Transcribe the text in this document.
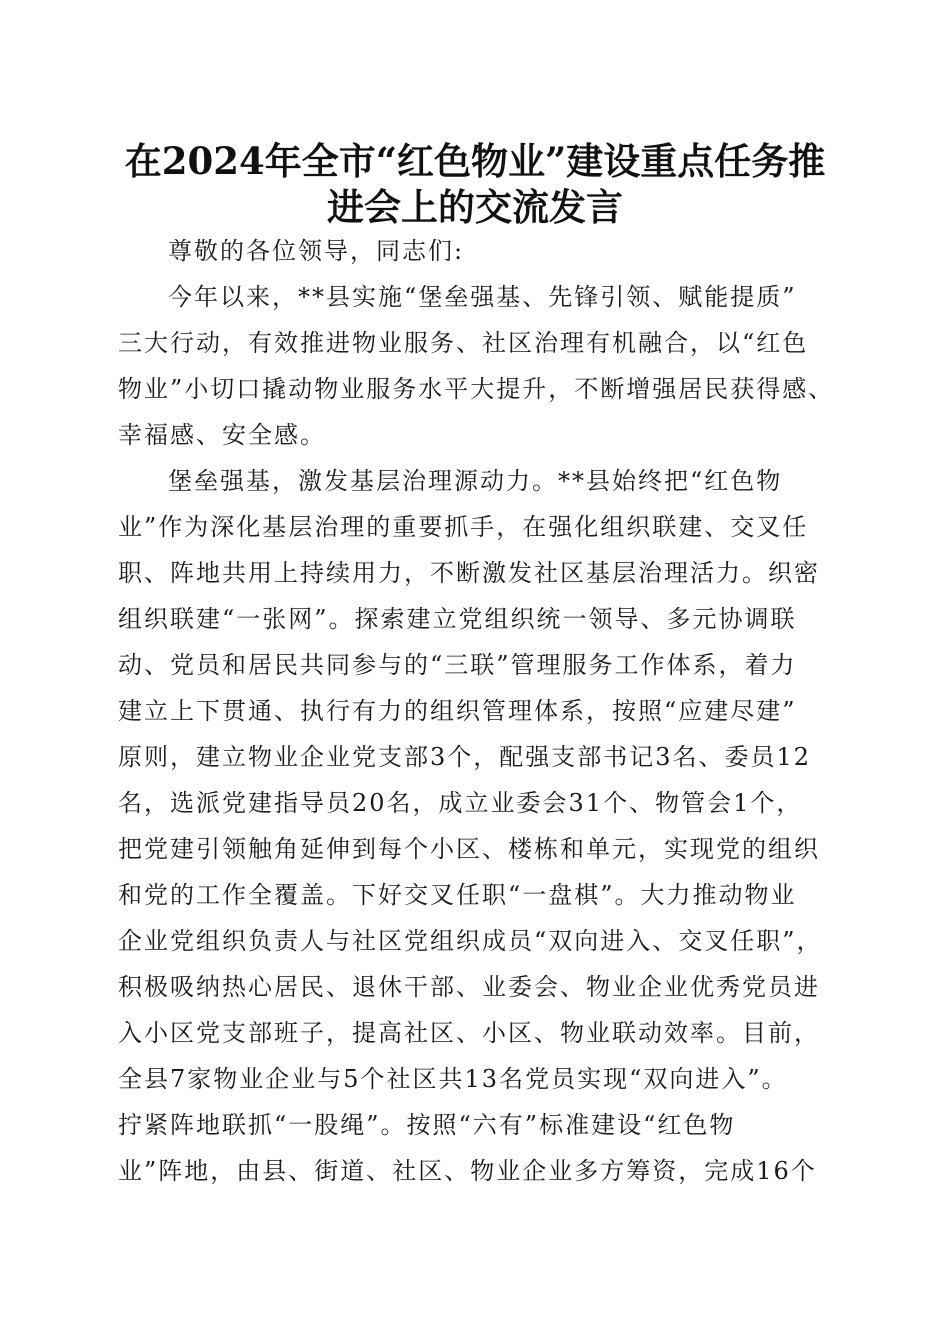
在2024年全市“红色物业”建设重点任务推
进会上的交流发言
尊敬的各位领导，同志们:
今年以来，**县实施“堡垒强基、先锋引领、赋能提质”
三大行动，有效推进物业服务、社区治理有机融合，以“红色
物业”小切口撬动物业服务水平大提升，不断增强居民获得感、
幸福感、安全感。
堡垒强基，激发基层治理源动力。**县始终把“红色物
业”作为深化基层治理的重要抓手，在强化组织联建、交叉任
职、阵地共用上持续用力，不断激发社区基层治理活力。织密
组织联建“一张网”。探索建立党组织统一领导、多元协调联
动、党员和居民共同参与的“三联”管理服务工作体系，着力
建立上下贯通、执行有力的组织管理体系，按照“应建尽建”
原则，建立物业企业党支部3个，配强支部书记3名、委员12
名，选派党建指导员20名，成立业委会31个、物管会1个，
把党建引领触角延伸到每个小区、楼栋和单元，实现党的组织
和党的工作全覆盖。下好交叉任职“一盘棋”。大力推动物业
企业党组织负责人与社区党组织成员“双向进入、交叉任职”，
积极吸纳热心居民、退休干部、业委会、物业企业优秀党员进
入小区党支部班子，提高社区、小区、物业联动效率。目前，
全县7家物业企业与5个社区共13名党员实现“双向进入”。
拧紧阵地联抓“一股绳”。按照“六有”标准建设“红色物
业”阵地，由县、街道、社区、物业企业多方筹资，完成16个
